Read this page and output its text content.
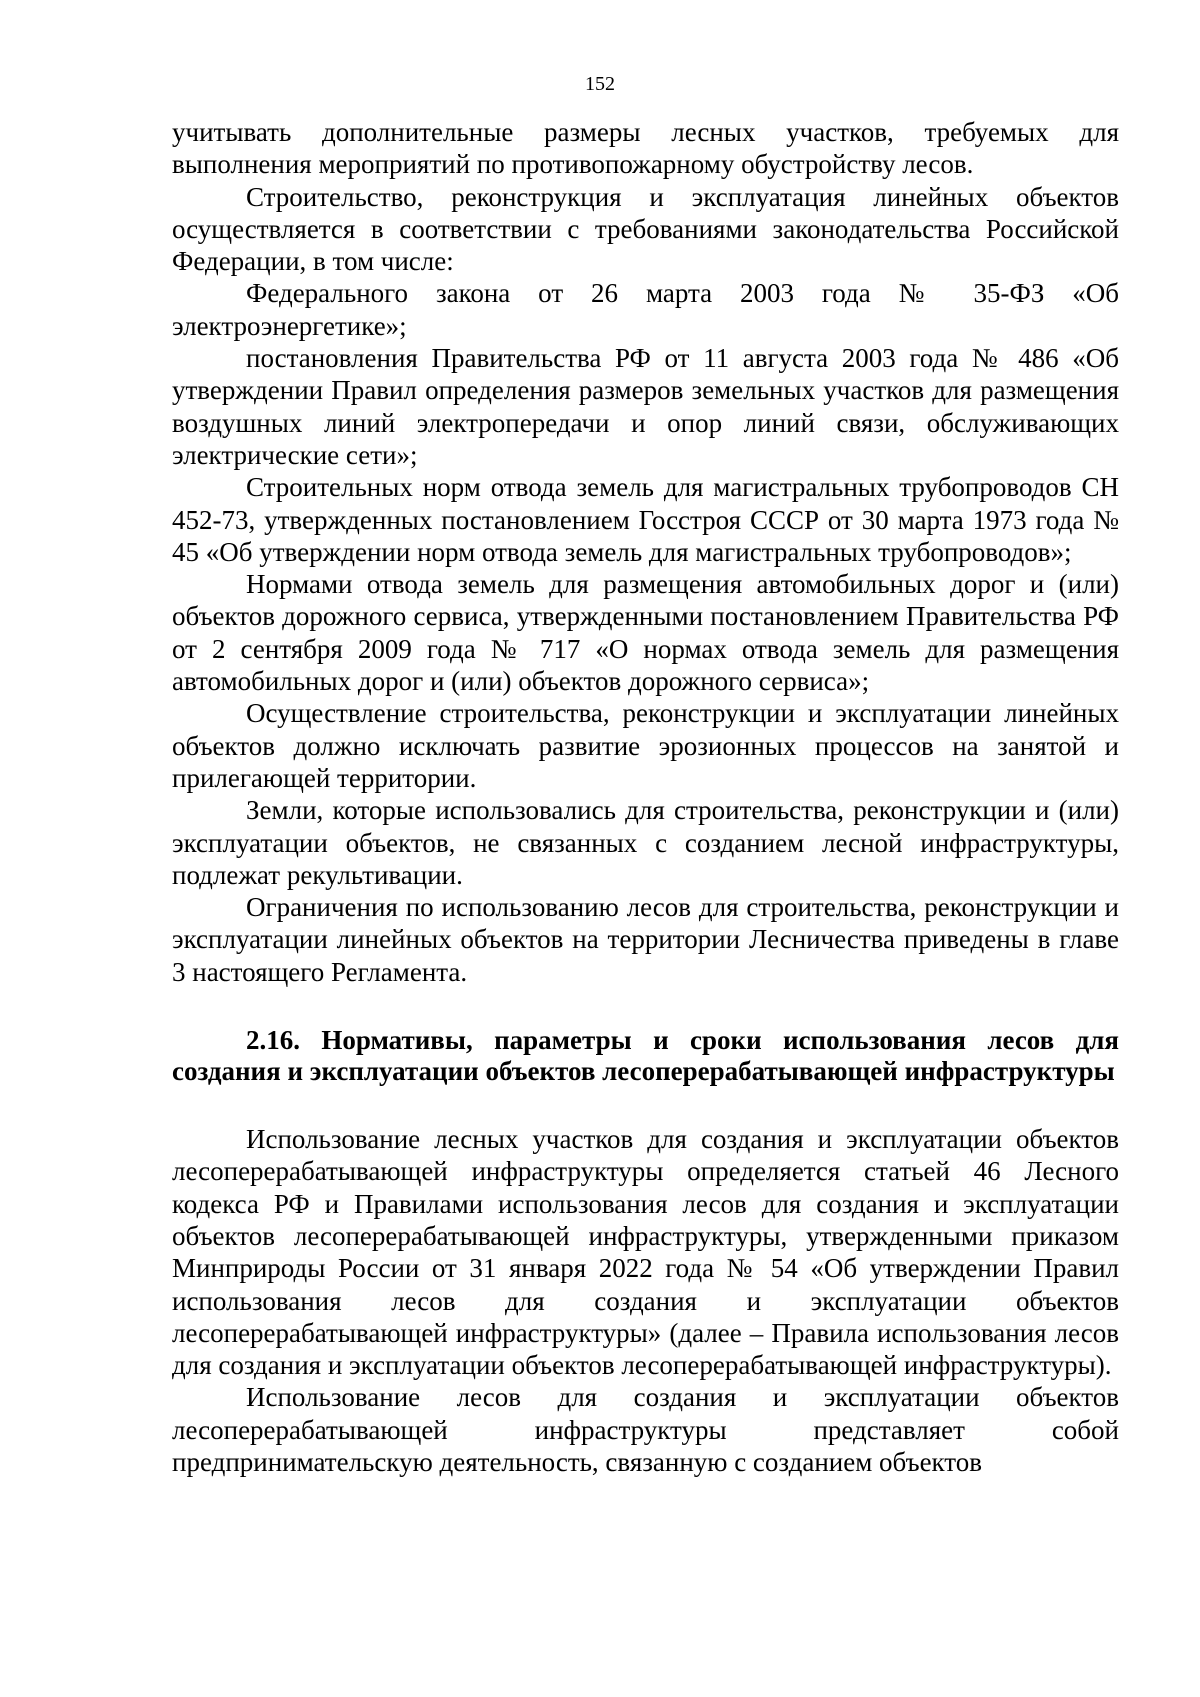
152

учитывать дополнительные размеры лесных участков, требуемых для выполнения мероприятий по противопожарному обустройству лесов.

Строительство, реконструкция и эксплуатация линейных объектов осуществляется в соответствии с требованиями законодательства Российской Федерации, в том числе:

Федерального закона от 26 марта 2003 года № 35-ФЗ «Об электроэнергетике»;

постановления Правительства РФ от 11 августа 2003 года № 486 «Об утверждении Правил определения размеров земельных участков для размещения воздушных линий электропередачи и опор линий связи, обслуживающих электрические сети»;

Строительных норм отвода земель для магистральных трубопроводов СН 452-73, утвержденных постановлением Госстроя СССР от 30 марта 1973 года № 45 «Об утверждении норм отвода земель для магистральных трубопроводов»;

Нормами отвода земель для размещения автомобильных дорог и (или) объектов дорожного сервиса, утвержденными постановлением Правительства РФ от 2 сентября 2009 года № 717 «О нормах отвода земель для размещения автомобильных дорог и (или) объектов дорожного сервиса»;

Осуществление строительства, реконструкции и эксплуатации линейных объектов должно исключать развитие эрозионных процессов на занятой и прилегающей территории.

Земли, которые использовались для строительства, реконструкции и (или) эксплуатации объектов, не связанных с созданием лесной инфраструктуры, подлежат рекультивации.

Ограничения по использованию лесов для строительства, реконструкции и эксплуатации линейных объектов на территории Лесничества приведены в главе 3 настоящего Регламента.

2.16. Нормативы, параметры и сроки использования лесов для создания и эксплуатации объектов лесоперерабатывающей инфраструктуры

Использование лесных участков для создания и эксплуатации объектов лесоперерабатывающей инфраструктуры определяется статьей 46 Лесного кодекса РФ и Правилами использования лесов для создания и эксплуатации объектов лесоперерабатывающей инфраструктуры, утвержденными приказом Минприроды России от 31 января 2022 года № 54 «Об утверждении Правил использования лесов для создания и эксплуатации объектов лесоперерабатывающей инфраструктуры» (далее – Правила использования лесов для создания и эксплуатации объектов лесоперерабатывающей инфраструктуры).

Использование лесов для создания и эксплуатации объектов лесоперерабатывающей инфраструктуры представляет собой предпринимательскую деятельность, связанную с созданием объектов
